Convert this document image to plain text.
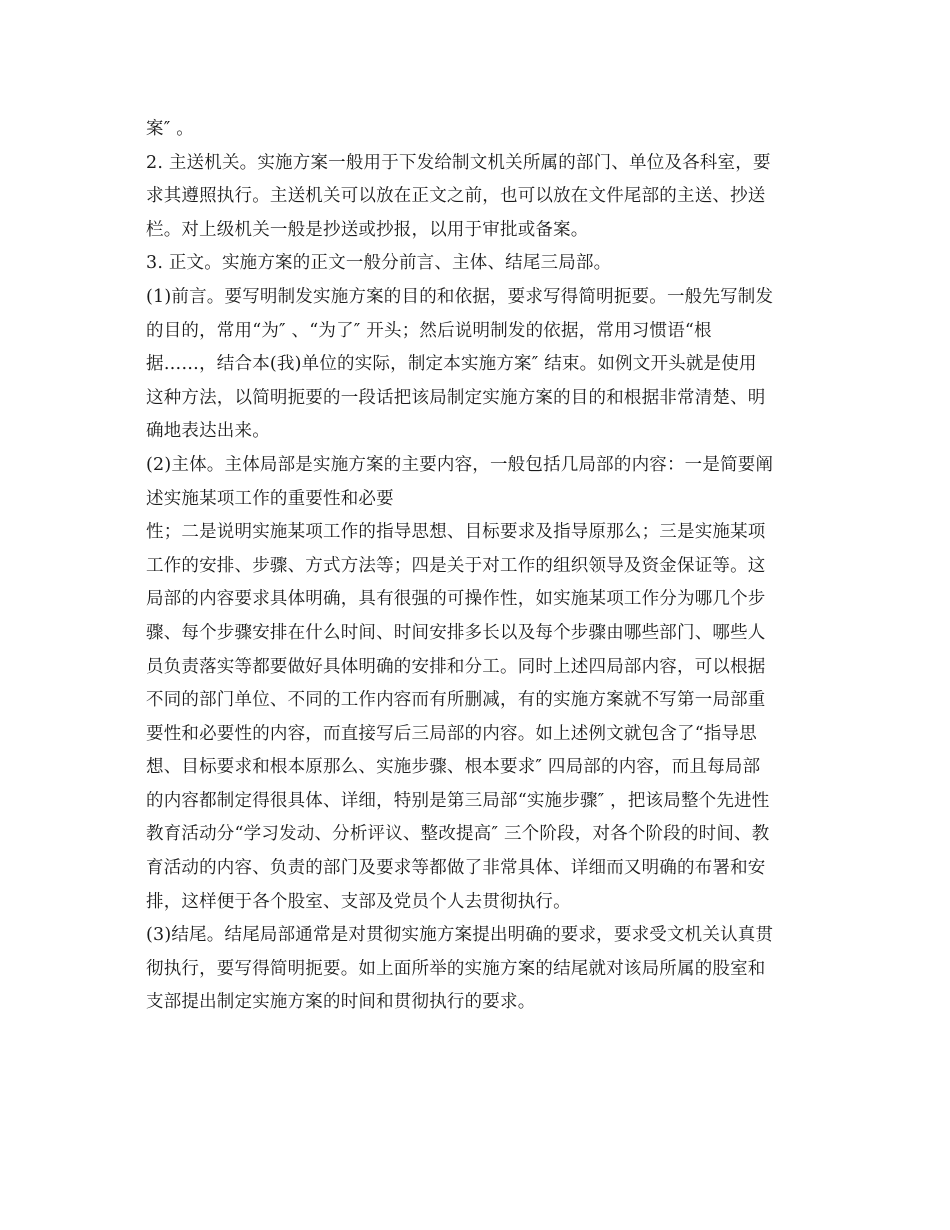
案″ 。
2. 主送机关。实施方案一般用于下发给制文机关所属的部门、单位及各科室，要
求其遵照执行。主送机关可以放在正文之前，也可以放在文件尾部的主送、抄送
栏。对上级机关一般是抄送或抄报，以用于审批或备案。
3. 正文。实施方案的正文一般分前言、主体、结尾三局部。
(1)前言。要写明制发实施方案的目的和依据，要求写得简明扼要。一般先写制发
的目的，常用“为″ 、“为了″ 开头；然后说明制发的依据，常用习惯语“根
据……，结合本(我)单位的实际，制定本实施方案″ 结束。如例文开头就是使用
这种方法，以简明扼要的一段话把该局制定实施方案的目的和根据非常清楚、明
确地表达出来。
(2)主体。主体局部是实施方案的主要内容，一般包括几局部的内容：一是简要阐
述实施某项工作的重要性和必要
性；二是说明实施某项工作的指导思想、目标要求及指导原那么；三是实施某项
工作的安排、步骤、方式方法等；四是关于对工作的组织领导及资金保证等。这
局部的内容要求具体明确，具有很强的可操作性，如实施某项工作分为哪几个步
骤、每个步骤安排在什么时间、时间安排多长以及每个步骤由哪些部门、哪些人
员负责落实等都要做好具体明确的安排和分工。同时上述四局部内容，可以根据
不同的部门单位、不同的工作内容而有所删减，有的实施方案就不写第一局部重
要性和必要性的内容，而直接写后三局部的内容。如上述例文就包含了“指导思
想、目标要求和根本原那么、实施步骤、根本要求″ 四局部的内容，而且每局部
的内容都制定得很具体、详细，特别是第三局部“实施步骤″ ，把该局整个先进性
教育活动分“学习发动、分析评议、整改提高″ 三个阶段，对各个阶段的时间、教
育活动的内容、负责的部门及要求等都做了非常具体、详细而又明确的布署和安
排，这样便于各个股室、支部及党员个人去贯彻执行。
(3)结尾。结尾局部通常是对贯彻实施方案提出明确的要求，要求受文机关认真贯
彻执行，要写得简明扼要。如上面所举的实施方案的结尾就对该局所属的股室和
支部提出制定实施方案的时间和贯彻执行的要求。
